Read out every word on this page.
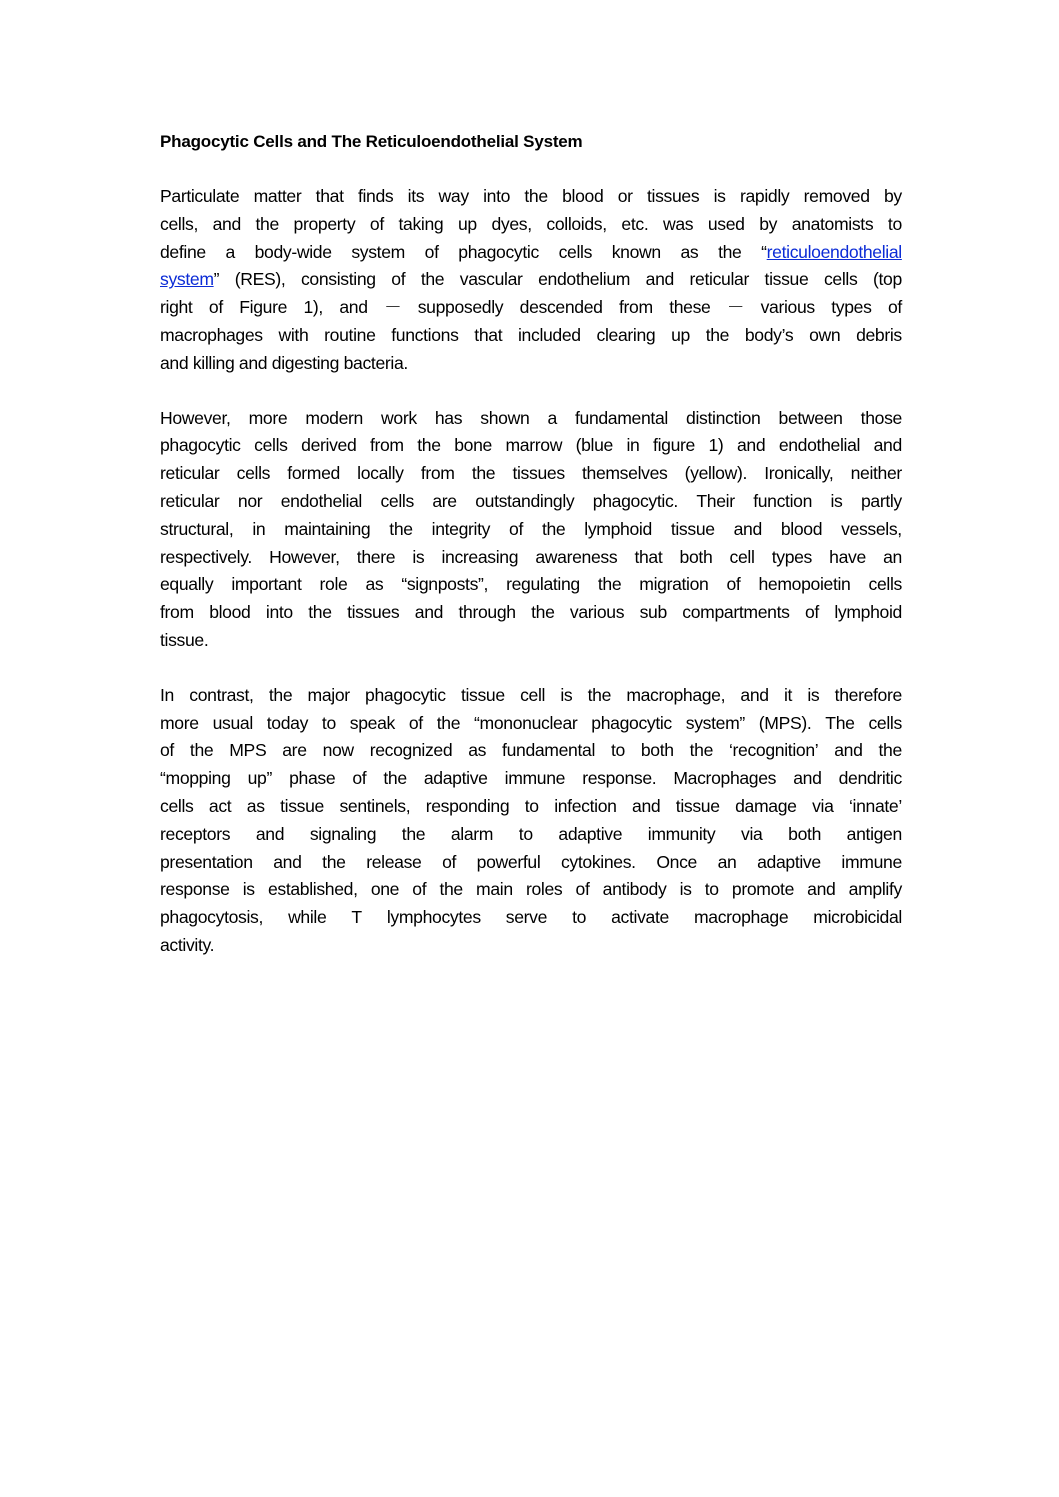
Phagocytic Cells and The Reticuloendothelial System
Particulate matter that finds its way into the blood or tissues is rapidly removed by
cells, and the property of taking up dyes, colloids, etc. was used by anatomists to
define a body-wide system of phagocytic cells known as the “reticuloendothelial
system” (RES), consisting of the vascular endothelium and reticular tissue cells (top
right of Figure 1), and － supposedly descended from these － various types of
macrophages with routine functions that included clearing up the body’s own debris
and killing and digesting bacteria.
However, more modern work has shown a fundamental distinction between those
phagocytic cells derived from the bone marrow (blue in figure 1) and endothelial and
reticular cells formed locally from the tissues themselves (yellow). Ironically, neither
reticular nor endothelial cells are outstandingly phagocytic. Their function is partly
structural, in maintaining the integrity of the lymphoid tissue and blood vessels,
respectively. However, there is increasing awareness that both cell types have an
equally important role as “signposts”, regulating the migration of hemopoietin cells
from blood into the tissues and through the various sub compartments of lymphoid
tissue.
In contrast, the major phagocytic tissue cell is the macrophage, and it is therefore
more usual today to speak of the “mononuclear phagocytic system” (MPS). The cells
of the MPS are now recognized as fundamental to both the ‘recognition’ and the
“mopping up” phase of the adaptive immune response. Macrophages and dendritic
cells act as tissue sentinels, responding to infection and tissue damage via ‘innate’
receptors and signaling the alarm to adaptive immunity via both antigen
presentation and the release of powerful cytokines. Once an adaptive immune
response is established, one of the main roles of antibody is to promote and amplify
phagocytosis, while T lymphocytes serve to activate macrophage microbicidal
activity.
